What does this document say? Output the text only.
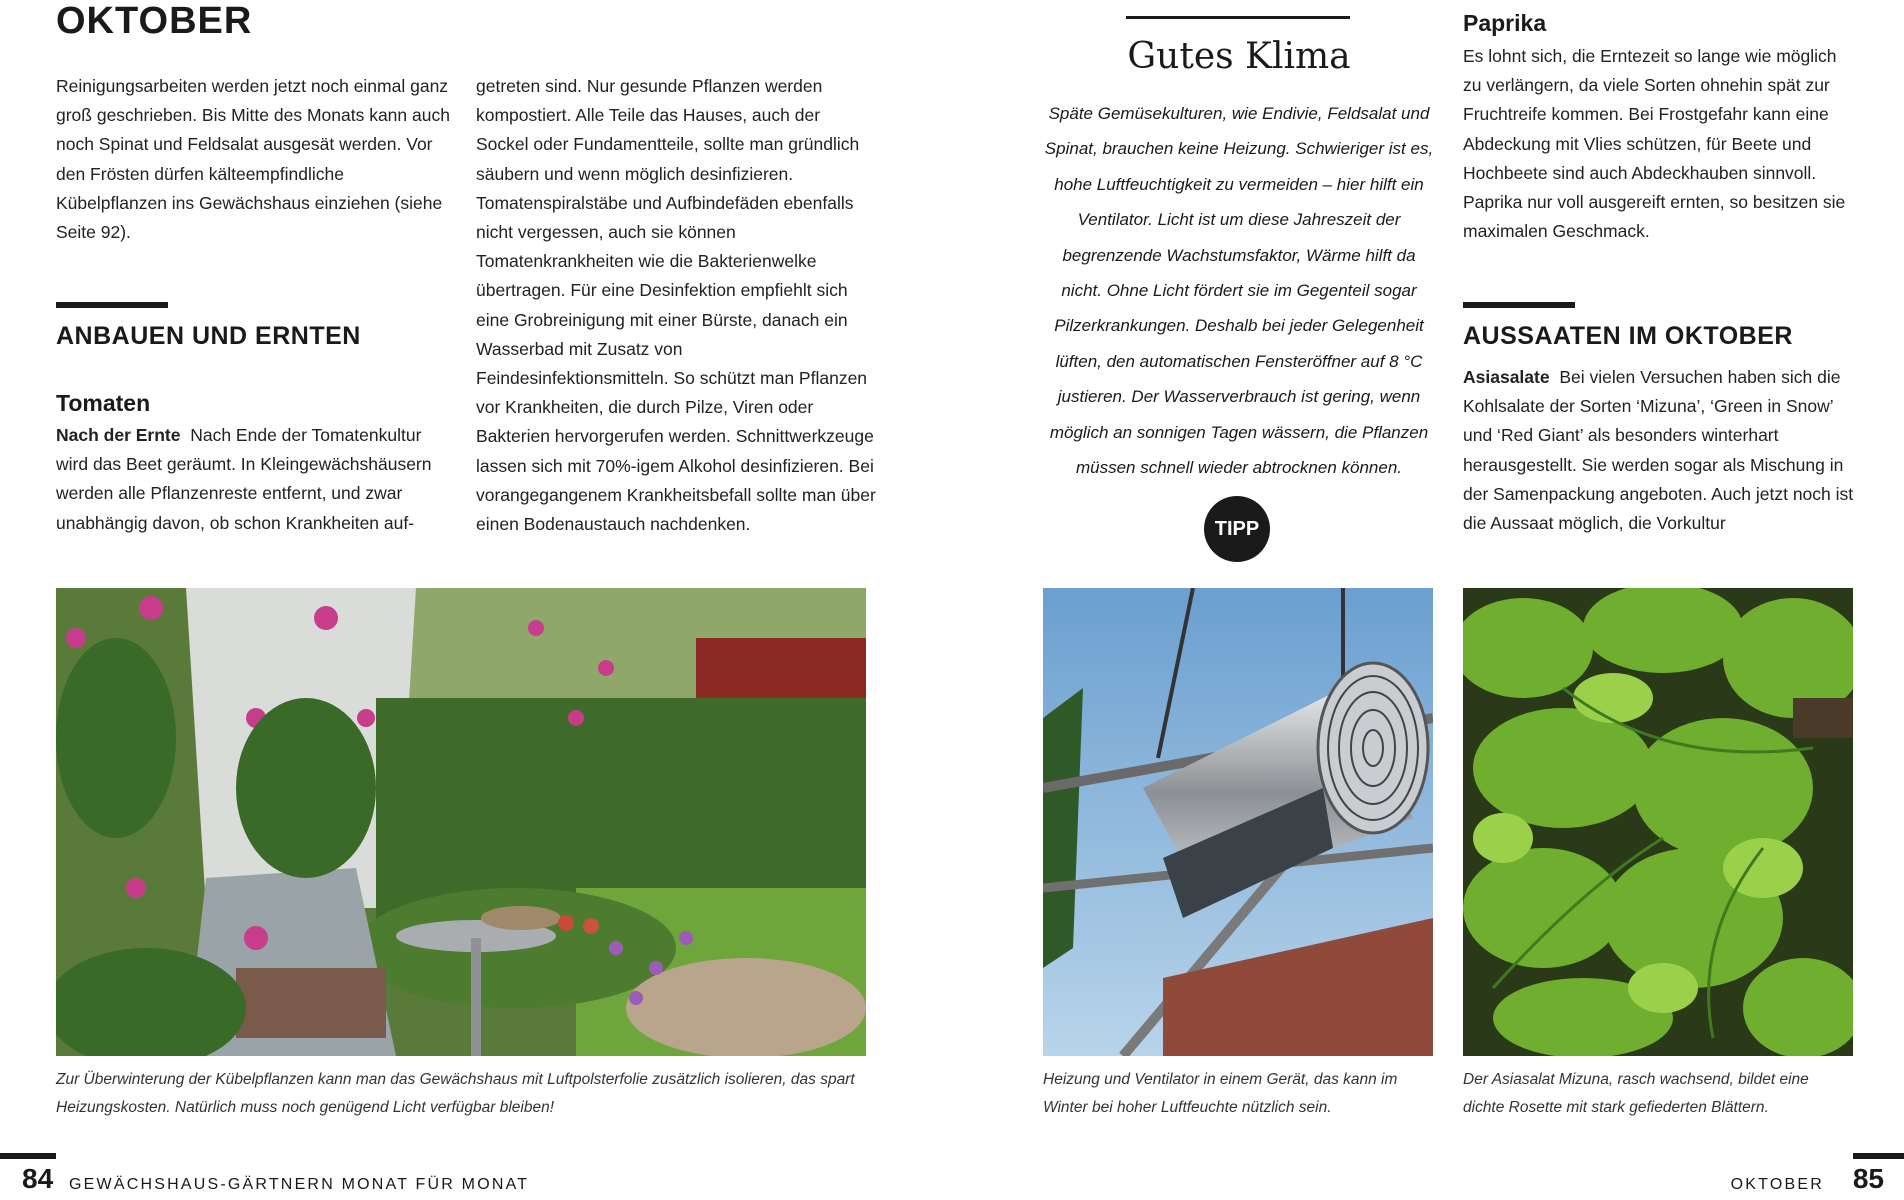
OKTOBER

Reinigungsarbeiten werden jetzt noch einmal ganz groß geschrieben. Bis Mitte des Monats kann auch noch Spinat und Feldsalat ausgesät werden. Vor den Frösten dürfen kälteempfindliche Kübelpflanzen ins Gewächshaus einziehen (siehe Seite 92).

ANBAUEN UND ERNTEN
Tomaten

Nach der Ernte Nach Ende der Tomatenkultur wird das Beet geräumt. In Kleingewächshäusern werden alle Pflanzenreste entfernt, und zwar unabhängig davon, ob schon Krankheiten auf-

getreten sind. Nur gesunde Pflanzen werden kompostiert. Alle Teile das Hauses, auch der Sockel oder Fundamentteile, sollte man gründlich säubern und wenn möglich desinfizieren. Tomatenspiralstäbe und Aufbindefäden ebenfalls nicht vergessen, auch sie können Tomatenkrankheiten wie die Bakterienwelke übertragen. Für eine Desinfektion empfiehlt sich eine Grobreinigung mit einer Bürste, danach ein Wasserbad mit Zusatz von Feindesinfektionsmitteln. So schützt man Pflanzen vor Krankheiten, die durch Pilze, Viren oder Bakterien hervorgerufen werden. Schnittwerkzeuge lassen sich mit 70%-igem Alkohol desinfizieren. Bei vorangegangenem Krankheitsbefall sollte man über einen Bodenaustauch nachdenken.

Zur Überwinterung der Kübelpflanzen kann man das Gewächshaus mit Luftpolsterfolie zusätzlich isolieren, das spart Heizungskosten. Natürlich muss noch genügend Licht verfügbar bleiben!
84 GEWÄCHSHAUS-GÄRTNERN MONAT FÜR MONAT
Gutes Klima
Späte Gemüsekulturen, wie Endivie, Feldsalat und Spinat, brauchen keine Heizung. Schwieriger ist es, hohe Luftfeuchtigkeit zu vermeiden – hier hilft ein Ventilator. Licht ist um diese Jahreszeit der begrenzende Wachstumsfaktor, Wärme hilft da nicht. Ohne Licht fördert sie im Gegenteil sogar Pilzerkrankungen. Deshalb bei jeder Gelegenheit lüften, den automatischen Fensteröffner auf 8 °C justieren. Der Wasserverbrauch ist gering, wenn möglich an sonnigen Tagen wässern, die Pflanzen müssen schnell wieder abtrocknen können.
TIPP
Paprika

Es lohnt sich, die Erntezeit so lange wie möglich zu verlängern, da viele Sorten ohnehin spät zur Fruchtreife kommen. Bei Frostgefahr kann eine Abdeckung mit Vlies schützen, für Beete und Hochbeete sind auch Abdeckhauben sinnvoll. Paprika nur voll ausgereift ernten, so besitzen sie maximalen Geschmack.

AUSSAATEN IM OKTOBER

Asiasalate Bei vielen Versuchen haben sich die Kohlsalate der Sorten ‘Mizuna’, ‘Green in Snow’ und ‘Red Giant’ als besonders winterhart herausgestellt. Sie werden sogar als Mischung in der Samenpackung angeboten. Auch jetzt noch ist die Aussaat möglich, die Vorkultur

Heizung und Ventilator in einem Gerät, das kann im Winter bei hoher Luftfeuchte nützlich sein.
Der Asiasalat Mizuna, rasch wachsend, bildet eine dichte Rosette mit stark gefiederten Blättern.
OKTOBER 85
